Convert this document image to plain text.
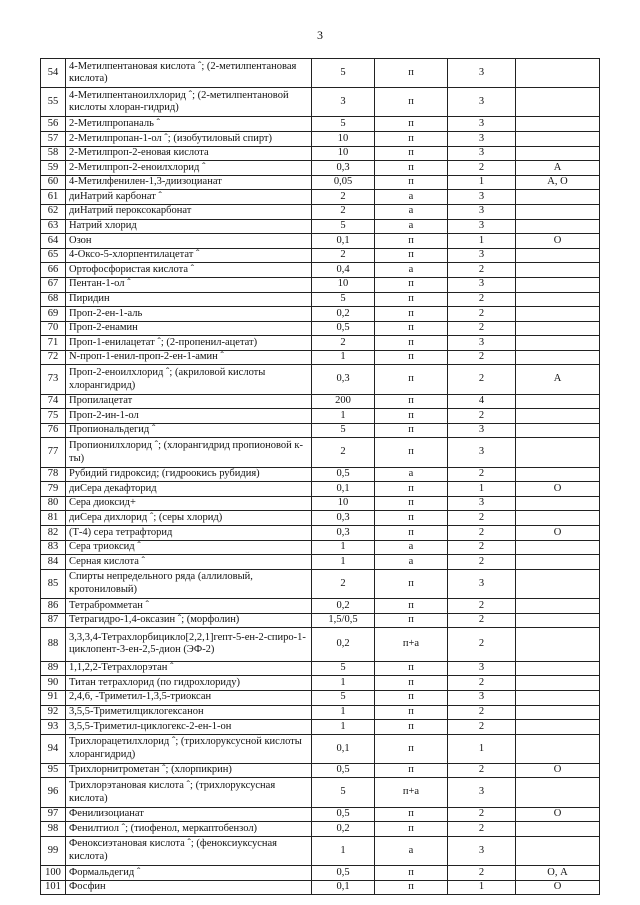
3
54	4-Метилпентановая кислота ˆ; (2-метилпентановая кислота)	5	п	3	
55	4-Метилпентаноилхлорид ˆ; (2-метилпентановой кислоты хлоран-гидрид)	3	п	3	
56	2-Метилпропаналь ˆ	5	п	3	
57	2-Метилпропан-1-ол ˆ; (изобутиловый спирт)	10	п	3	
58	2-Метилпроп-2-еновая кислота	10	п	3	
59	2-Метилпроп-2-еноилхлорид ˆ	0,3	п	2	А
60	4-Метилфенилен-1,3-диизоцианат	0,05	п	1	А, О
61	диНатрий карбонат ˆ	2	а	3	
62	диНатрий пероксокарбонат	2	а	3	
63	Натрий хлорид	5	а	3	
64	Озон	0,1	п	1	О
65	4-Оксо-5-хлорпентилацетат ˆ	2	п	3	
66	Ортофосфористая кислота ˆ	0,4	а	2	
67	Пентан-1-ол ˆ	10	п	3	
68	Пиридин	5	п	2	
69	Проп-2-ен-1-аль	0,2	п	2	
70	Проп-2-енамин	0,5	п	2	
71	Проп-1-енилацетат ˆ; (2-пропенил-ацетат)	2	п	3	
72	N-проп-1-енил-проп-2-ен-1-амин ˆ	1	п	2	
73	Проп-2-еноилхлорид ˆ; (акриловой кислоты хлорангидрид)	0,3	п	2	А
74	Пропилацетат	200	п	4	
75	Проп-2-ин-1-ол	1	п	2	
76	Пропиональдегид ˆ	5	п	3	
77	Пропионилхлорид ˆ; (хлорангидрид пропионовой к-ты)	2	п	3	
78	Рубидий гидроксид; (гидроокись рубидия)	0,5	а	2	
79	диСера декафторид	0,1	п	1	О
80	Сера диоксид+	10	п	3	
81	диСера дихлорид ˆ; (серы хлорид)	0,3	п	2	
82	(Т-4) сера тетрафторид	0,3	п	2	О
83	Сера триоксид ˆ	1	а	2	
84	Серная кислота ˆ	1	а	2	
85	Спирты непредельного ряда (аллиловый, кротониловый)	2	п	3	
86	Тетрабромметан ˆ	0,2	п	2	
87	Тетрагидро-1,4-оксазин ˆ; (морфолин)	1,5/0,5	п	2	
88	3,3,3,4-Тетрахлорбицикло[2,2,1]гепт-5-ен-2-спиро-1-циклопент-3-ен-2,5-дион (ЭФ-2)	0,2	п+а	2	
89	1,1,2,2-Тетрахлорэтан ˆ	5	п	3	
90	Титан тетрахлорид (по гидрохлориду)	1	п	2	
91	2,4,6, -Триметил-1,3,5-триоксан	5	п	3	
92	3,5,5-Триметилциклогексанон	1	п	2	
93	3,5,5-Триметил-циклогекс-2-ен-1-он	1	п	2	
94	Трихлорацетилхлорид ˆ; (трихлоруксусной кислоты хлорангидрид)	0,1	п	1	
95	Трихлорнитрометан ˆ; (хлорпикрин)	0,5	п	2	О
96	Трихлорэтановая кислота ˆ; (трихлоруксусная кислота)	5	п+а	3	
97	Фенилизоцианат	0,5	п	2	О
98	Фенилтиол ˆ; (тиофенол, меркаптобензол)	0,2	п	2	
99	Феноксиэтановая кислота ˆ; (феноксиуксусная кислота)	1	а	3	
100	Формальдегид ˆ	0,5	п	2	О, А
101	Фосфин	0,1	п	1	О
